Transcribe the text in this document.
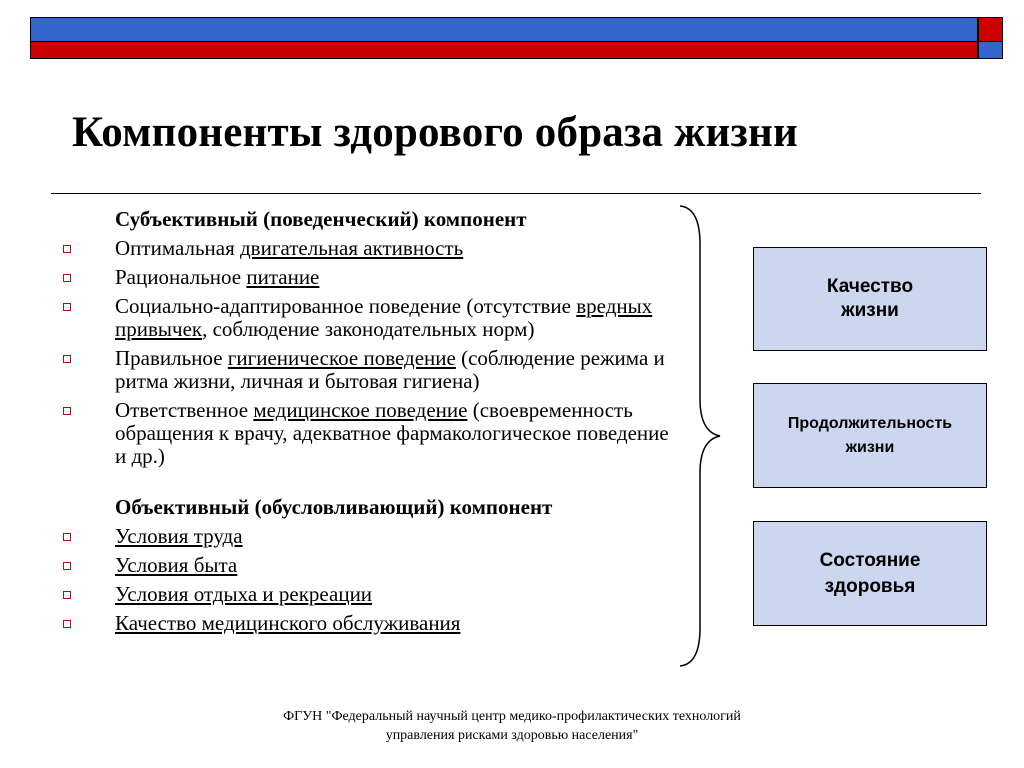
Компоненты здорового образа жизни
Субъективный (поведенческий) компонент
Оптимальная двигательная активность
Рациональное питание
Социально-адаптированное поведение (отсутствие вредных привычек, соблюдение законодательных норм)
Правильное гигиеническое поведение (соблюдение режима и ритма жизни, личная и бытовая гигиена)
Ответственное медицинское поведение (своевременность обращения к врачу, адекватное фармакологическое поведение и др.)
Объективный (обусловливающий) компонент
Условия труда
Условия быта
Условия отдыха и рекреации
Качество медицинского обслуживания
Качество
жизни
Продолжительность
жизни
Состояние
здоровья
ФГУН "Федеральный научный центр медико-профилактических технологий
управления рисками здоровью населения"
